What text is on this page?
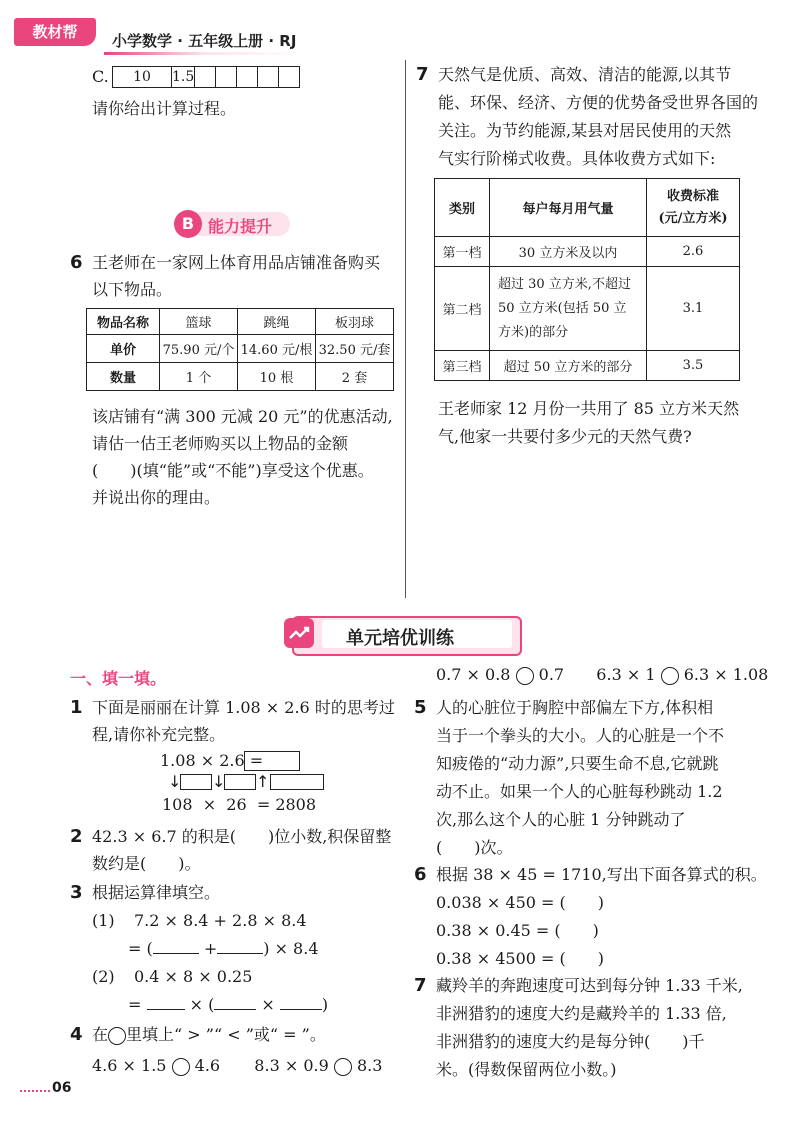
教材帮	小学数学 · 五年级上册 · RJ
C. 10	1.5					
请你给出计算过程。
B 能力提升
6 王老师在一家网上体育用品店铺准备购买
以下物品。
物品名称	篮球	跳绳	板羽球
单价	75.90 元/个	14.60 元/根	32.50 元/套
数量	1 个	10 根	2 套
该店铺有“满 300 元减 20 元”的优惠活动,
请估一估王老师购买以上物品的金额
(　　)(填“能”或“不能”)享受这个优惠。
并说出你的理由。
7 天然气是优质、高效、清洁的能源,以其节
能、环保、经济、方便的优势备受世界各国的
关注。为节约能源,某县对居民使用的天然
气实行阶梯式收费。具体收费方式如下:
类别	每户每月用气量	收费标准
(元/立方米)

第一档	30 立方米及以内	2.6
第二档	超过 30 立方米,不超过
50 立方米(包括 50 立
方米)的部分	3.1
第三档	超过 50 立方米的部分	3.5
王老师家 12 月份一共用了 85 立方米天然
气,他家一共要付多少元的天然气费?
单元培优训练
一、填一填。
1 下面是丽丽在计算 1.08 × 2.6 时的思考过
程,请你补充完整。
1.08 × 2.6 =
↓ ↓ ↑
108  ×  26  = 2808
2 42.3 × 6.7 的积是(　　)位小数,积保留整
数约是(　　)。
3 根据运算律填空。
(1) 7.2 × 8.4 + 2.8 × 8.4
= (	+	) × 8.4
(2) 0.4 × 8 × 0.25
=	× (	×	)
4 在 里填上“ > ”“ < ”或“ = ”。
4.6 × 1.5 4.6 8.3 × 0.9 8.3
0.7 × 0.8 0.7 6.3 × 1 6.3 × 1.08
5 人的心脏位于胸腔中部偏左下方,体积相
当于一个拳头的大小。人的心脏是一个不
知疲倦的“动力源”,只要生命不息,它就跳
动不止。如果一个人的心脏每秒跳动 1.2
次,那么这个人的心脏 1 分钟跳动了
(　　)次。
6 根据 38 × 45 = 1710,写出下面各算式的积。
0.038 × 450 = (　　)
0.38 × 0.45 = (　　)
0.38 × 4500 = (　　)
7 藏羚羊的奔跑速度可达到每分钟 1.33 千米,
非洲猎豹的速度大约是藏羚羊的 1.33 倍,
非洲猎豹的速度大约是每分钟(　　)千
米。(得数保留两位小数。)
06
